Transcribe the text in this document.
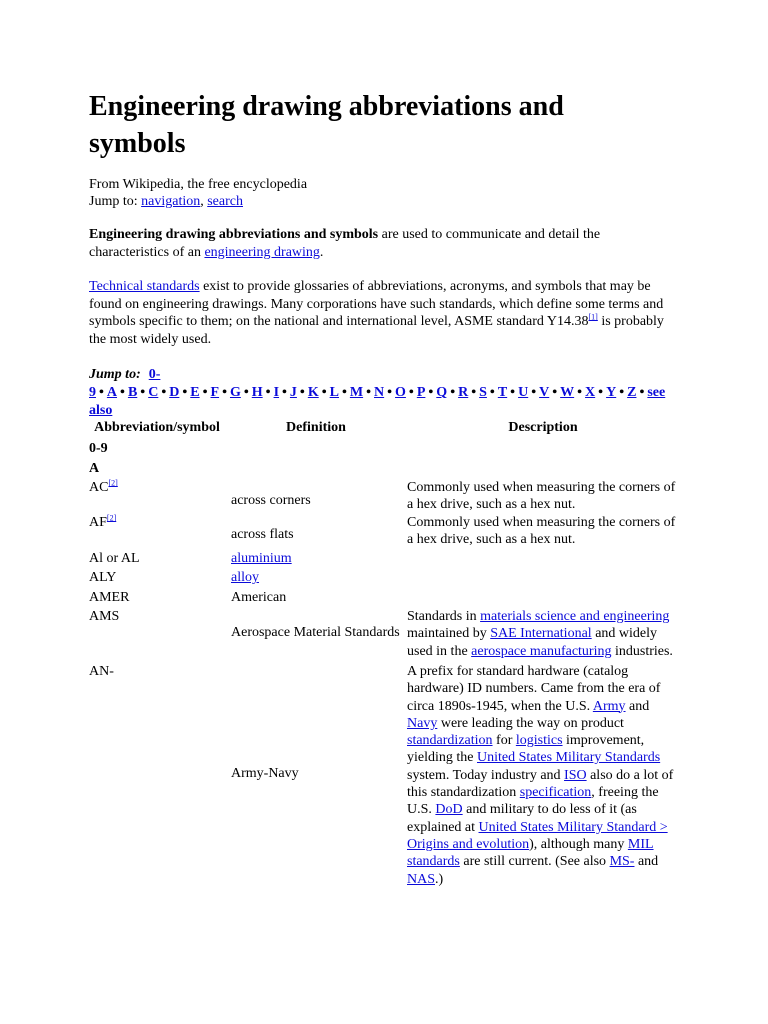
Engineering drawing abbreviations and symbols
From Wikipedia, the free encyclopedia
Jump to: navigation, search
Engineering drawing abbreviations and symbols are used to communicate and detail the characteristics of an engineering drawing.
Technical standards exist to provide glossaries of abbreviations, acronyms, and symbols that may be found on engineering drawings. Many corporations have such standards, which define some terms and symbols specific to them; on the national and international level, ASME standard Y14.38[1] is probably the most widely used.
Jump to: 0-9 • A • B • C • D • E • F • G • H • I • J • K • L • M • N • O • P • Q • R • S • T • U • V • W • X • Y • Z • see also
Abbreviation/symbol	Definition	Description
0-9		
A		
AC[2]	across corners	Commonly used when measuring the corners of a hex drive, such as a hex nut.
AF[2]	across flats	Commonly used when measuring the corners of a hex drive, such as a hex nut.
Al or AL	aluminium	
ALY	alloy	
AMER	American	
AMS	Aerospace Material Standards	Standards in materials science and engineering maintained by SAE International and widely used in the aerospace manufacturing industries.
AN-	Army-Navy	A prefix for standard hardware (catalog hardware) ID numbers. Came from the era of circa 1890s-1945, when the U.S. Army and Navy were leading the way on product standardization for logistics improvement, yielding the United States Military Standards system. Today industry and ISO also do a lot of this standardization specification, freeing the U.S. DoD and military to do less of it (as explained at United States Military Standard > Origins and evolution), although many MIL standards are still current. (See also MS- and NAS.)
